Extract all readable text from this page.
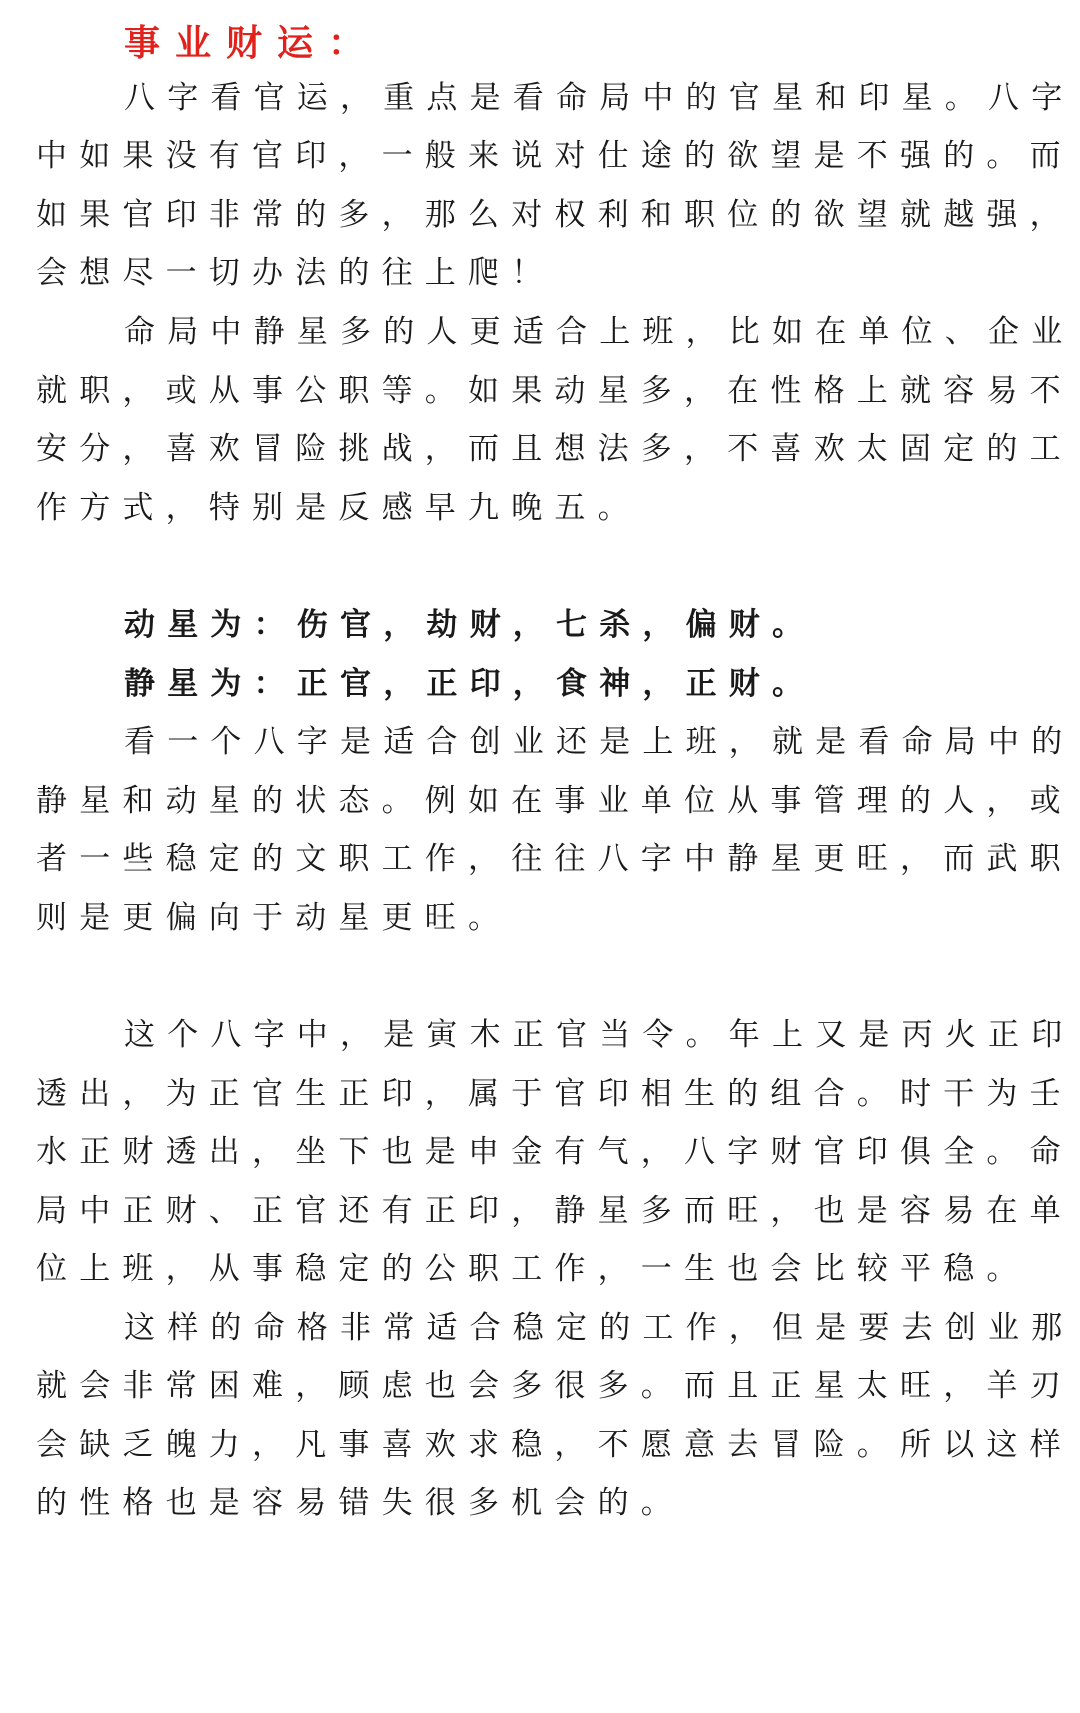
事业财运：
八字看官运，重点是看命局中的官星和印星。八字
中如果没有官印，一般来说对仕途的欲望是不强的。而
如果官印非常的多，那么对权利和职位的欲望就越强，
会想尽一切办法的往上爬！
命局中静星多的人更适合上班，比如在单位、企业
就职，或从事公职等。如果动星多，在性格上就容易不
安分，喜欢冒险挑战，而且想法多，不喜欢太固定的工
作方式，特别是反感早九晚五。
动星为：伤官，劫财，七杀，偏财。
静星为：正官，正印，食神，正财。
看一个八字是适合创业还是上班，就是看命局中的
静星和动星的状态。例如在事业单位从事管理的人，或
者一些稳定的文职工作，往往八字中静星更旺，而武职
则是更偏向于动星更旺。
这个八字中，是寅木正官当令。年上又是丙火正印
透出，为正官生正印，属于官印相生的组合。时干为壬
水正财透出，坐下也是申金有气，八字财官印俱全。命
局中正财、正官还有正印，静星多而旺，也是容易在单
位上班，从事稳定的公职工作，一生也会比较平稳。
这样的命格非常适合稳定的工作，但是要去创业那
就会非常困难，顾虑也会多很多。而且正星太旺，羊刃
会缺乏魄力，凡事喜欢求稳，不愿意去冒险。所以这样
的性格也是容易错失很多机会的。
